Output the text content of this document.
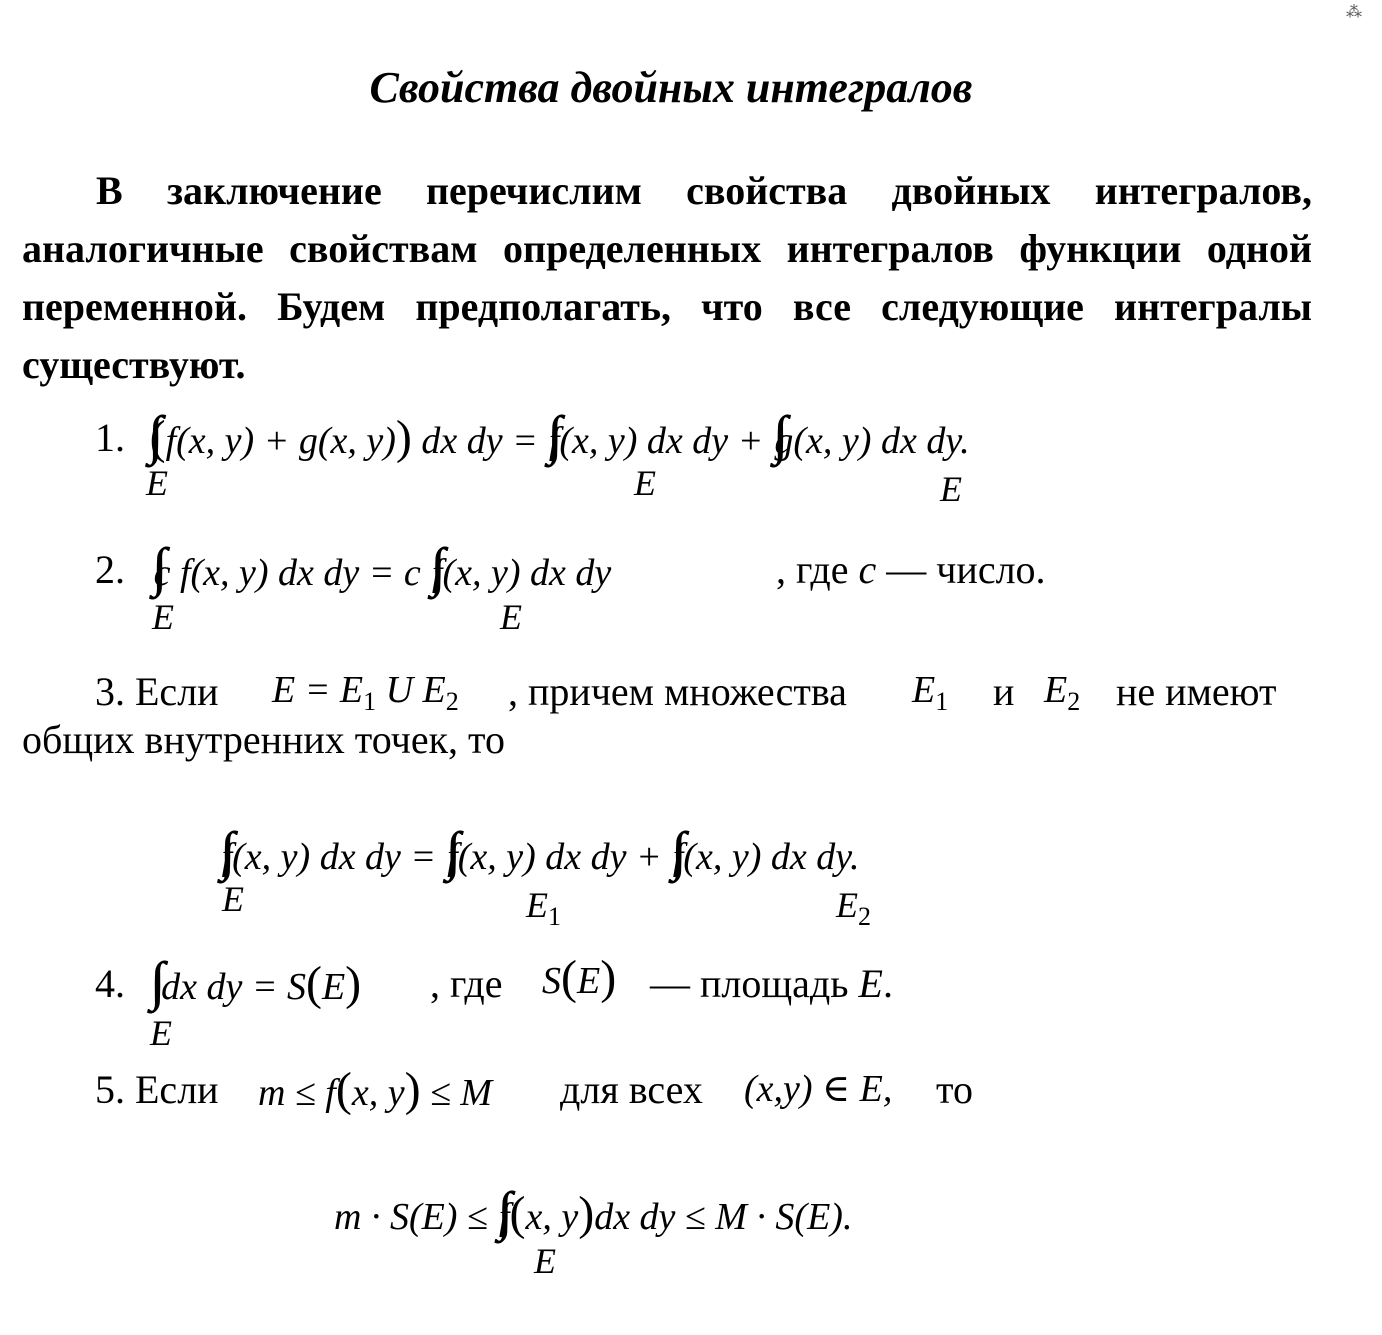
⁂
Свойства двойных интегралов
В заключение перечислим свойства двойных интегралов, аналогичные свойствам определенных интегралов функции одной переменной. Будем предполагать, что все следующие интегралы существуют.
1. ∫∫(f(x, y) + g(x, y)) dx dy = ∫∫f(x, y) dx dy + ∫∫g(x, y) dx dy.
E	E	E
2. ∫∫c f(x, y) dx dy = c ∫∫f(x, y) dx dy	, где c — число.
E	E
3. Если $E = E_1$ U $E_2$ , причем множества $E_1$ и $E_2$ не имеют
общих внутренних точек, то
∫∫f(x, y) dx dy = ∫∫f(x, y) dx dy + ∫∫f(x, y) dx dy.
E	$E_1$	$E_2$
4. ∫∫ dx dy = S(E) , где S(E) — площадь E.
E
5. Если m ≤ f(x, y) ≤ M для всех (x,y) ∈ E, то
m · S(E) ≤ ∫∫f(x, y)dx dy ≤ M · S(E).
E
